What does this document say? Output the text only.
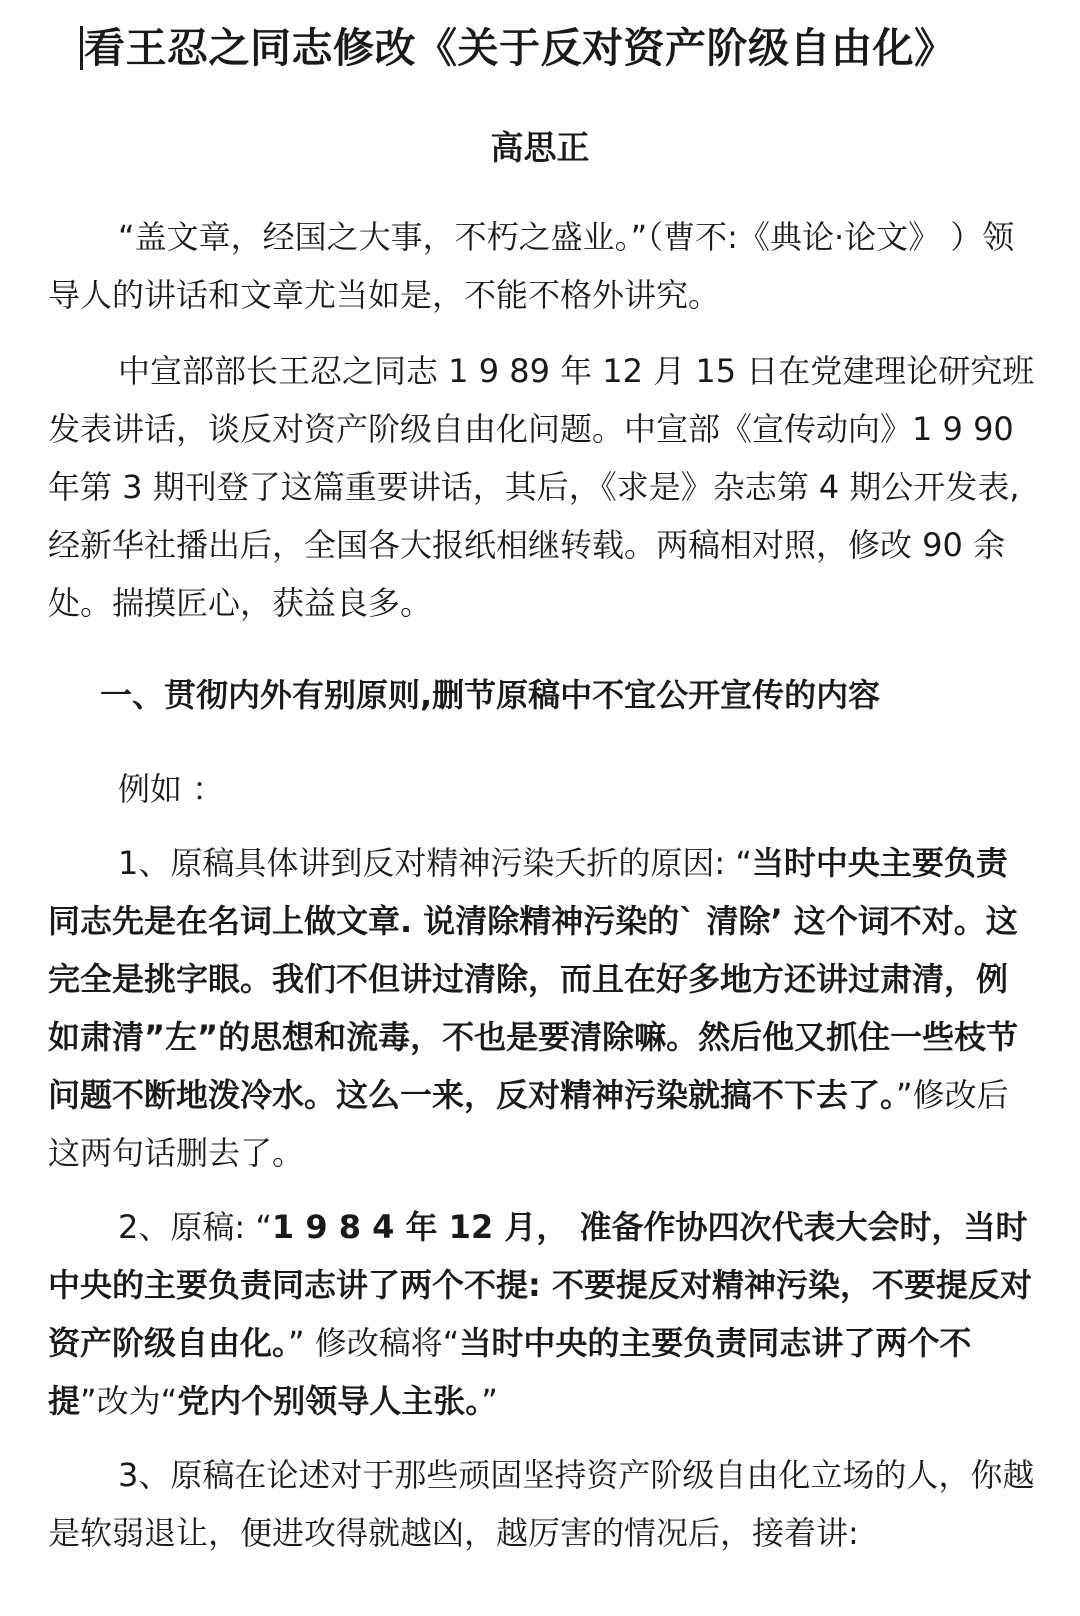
看王忍之同志修改《关于反对资产阶级自由化》
高思正

“盖文章，经国之大事，不朽之盛业。”（曹不:《典论·论文》 ）领导人的讲话和文章尤当如是，不能不格外讲究。

中宣部部长王忍之同志 1 9 89 年 12 月 15 日在党建理论研究班发表讲话，谈反对资产阶级自由化问题。中宣部《宣传动向》1 9 90 年第 3 期刊登了这篇重要讲话，其后，《求是》杂志第 4 期公开发表,经新华社播出后，全国各大报纸相继转载。两稿相对照，修改 90 余处。揣摸匠心，获益良多。

一、贯彻内外有别原则,删节原稿中不宜公开宣传的内容

例如 ：

1、原稿具体讲到反对精神污染夭折的原因: “当时中央主要负责同志先是在名词上做文章. 说清除精神污染的` 清除’ 这个词不对。这完全是挑字眼。我们不但讲过清除，而且在好多地方还讲过肃清，例如肃清”左”的思想和流毒，不也是要清除嘛。然后他又抓住一些枝节问题不断地泼冷水。这么一来，反对精神污染就搞不下去了。”修改后这两句话删去了。

2、原稿: “1 9 8 4 年 12 月， 准备作协四次代表大会时，当时中央的主要负责同志讲了两个不提: 不要提反对精神污染，不要提反对资产阶级自由化。” 修改稿将“当时中央的主要负责同志讲了两个不提”改为“党内个别领导人主张。”

3、原稿在论述对于那些顽固坚持资产阶级自由化立场的人，你越是软弱退让，便进攻得就越凶，越厉害的情况后，接着讲:
